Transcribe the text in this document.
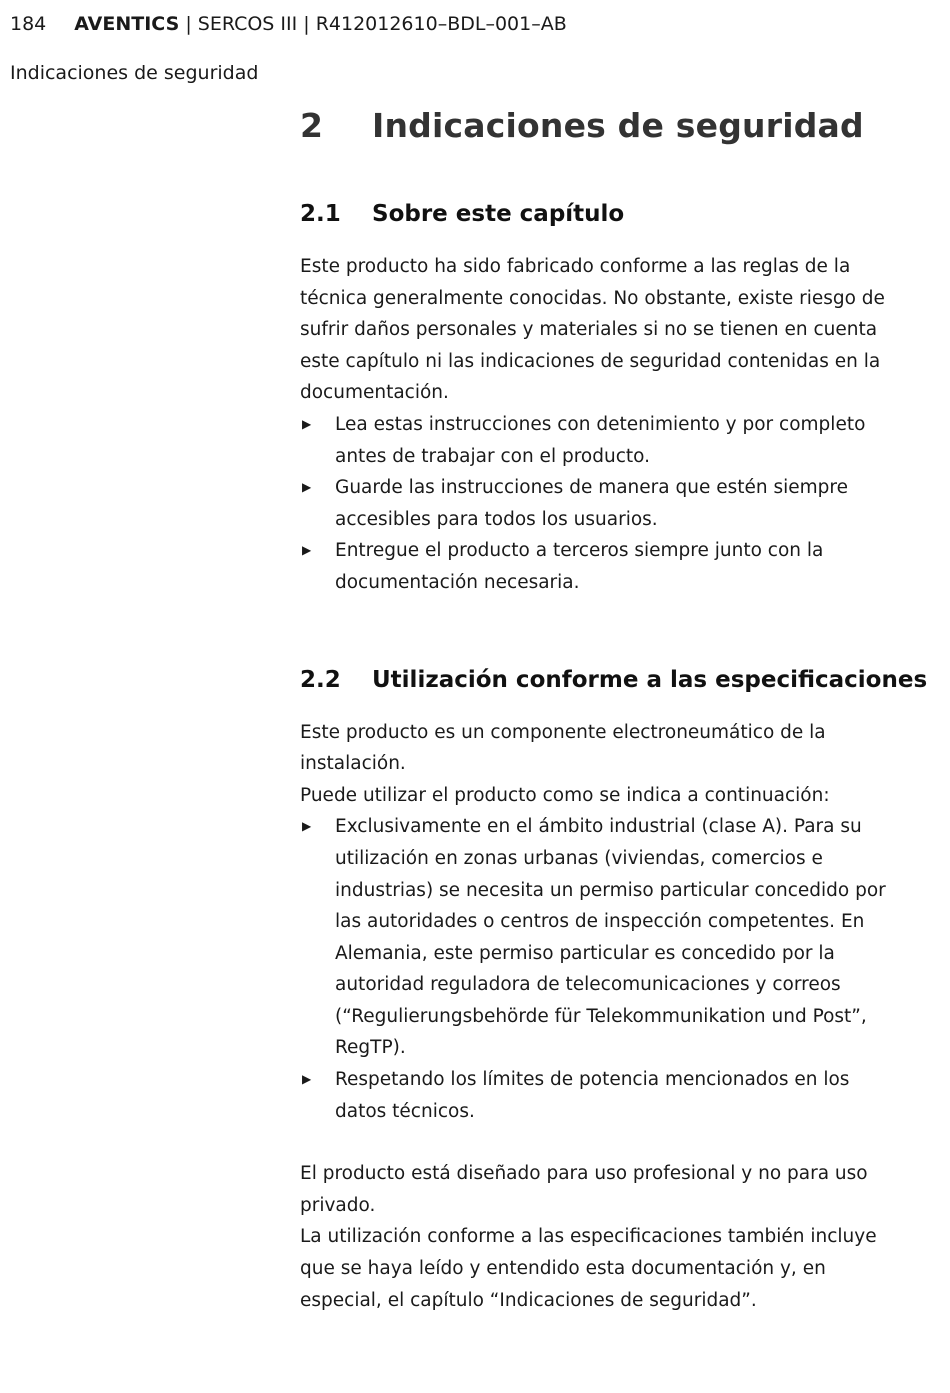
184 AVENTICS | SERCOS III | R412012610–BDL–001–AB
Indicaciones de seguridad
2	Indicaciones de seguridad
2.1	Sobre este capítulo

Este producto ha sido fabricado conforme a las reglas de la técnica generalmente conocidas. No obstante, existe riesgo de sufrir daños personales y materiales si no se tienen en cuenta este capítulo ni las indicaciones de seguridad contenidas en la documentación.

▶ Lea estas instrucciones con detenimiento y por completo antes de trabajar con el producto.
▶ Guarde las instrucciones de manera que estén siempre accesibles para todos los usuarios.
▶ Entregue el producto a terceros siempre junto con la documentación necesaria.
2.2	Utilización conforme a las especificaciones

Este producto es un componente electroneumático de la instalación.

Puede utilizar el producto como se indica a continuación:

▶ Exclusivamente en el ámbito industrial (clase A). Para su utilización en zonas urbanas (viviendas, comercios e industrias) se necesita un permiso particular concedido por las autoridades o centros de inspección competentes. En Alemania, este permiso particular es concedido por la autoridad reguladora de telecomunicaciones y correos (“Regulierungsbehörde für Telekommunikation und Post”, RegTP).
▶ Respetando los límites de potencia mencionados en los datos técnicos.

El producto está diseñado para uso profesional y no para uso privado.

La utilización conforme a las especificaciones también incluye que se haya leído y entendido esta documentación y, en especial, el capítulo “Indicaciones de seguridad”.
